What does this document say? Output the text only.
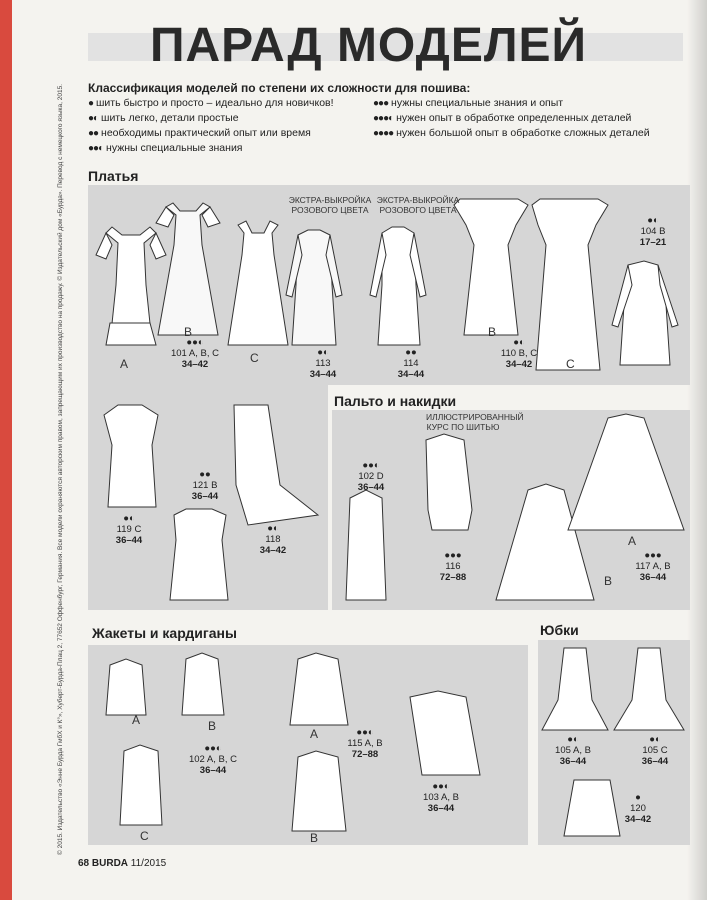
ПАРАД МОДЕЛЕЙ
Классификация моделей по степени их сложности для пошива:
● шить быстро и просто – идеально для новичков!
●◐ шить легко, детали простые
●● необходимы практический опыт или время
●●◐ нужны специальные знания
●●● нужны специальные знания и опыт
●●●◐ нужен опыт в обработке определенных деталей
●●●● нужен большой опыт в обработке сложных деталей
© 2015. Издательство «Энне Бурда ГмбХ и К°», Хуберт-Бурда-Плац 2, 77652 Оффенбург, Германия. Все модели охраняются авторским правом, запрещающим их производство на продажу. © Издательский дом «Бурда». Перевод с немецкого языка, 2015.	Платья
ЭКСТРА-ВЫКРОЙКА РОЗОВОГО ЦВЕТА
ЭКСТРА-ВЫКРОЙКА РОЗОВОГО ЦВЕТА
A
B
C
B
C
●●◐
101 A, B, C
34–42
●◐
113
34–44
●●
114
34–44
●◐
110 B, C
34–42
●◐
104 B
17–21
●●
121 B
36–44
●◐
119 C
36–44
●◐
118
34–42
Пальто и накидки
ИЛЛЮСТРИРОВАННЫЙ КУРС ПО ШИТЬЮ
A
B
●●◐
102 D
36–44
●●●
116
72–88
●●●
117 A, B
36–44
Жакеты и кардиганы
A	B
C
A
B
●●◐
102 A, B, C
36–44
●●◐
115 A, B
72–88
●●◐
103 A, B
36–44
Юбки
●◐
105 A, B
36–44
●◐
105 C
36–44
●
120
34–42
68 BURDA 11/2015
